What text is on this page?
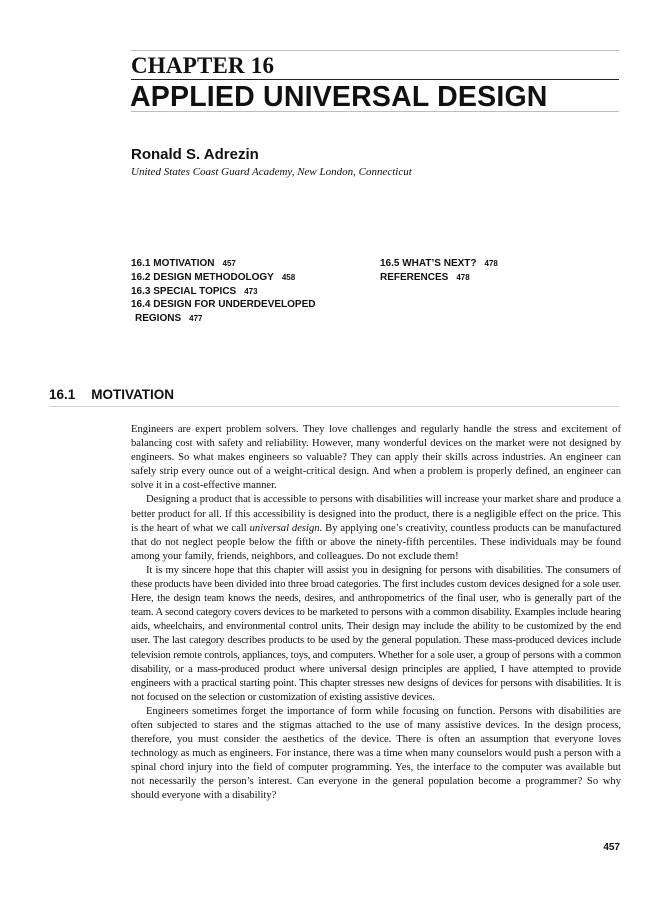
CHAPTER 16
APPLIED UNIVERSAL DESIGN
Ronald S. Adrezin
United States Coast Guard Academy, New London, Connecticut
16.1 MOTIVATION 457
16.2 DESIGN METHODOLOGY 458
16.3 SPECIAL TOPICS 473
16.4 DESIGN FOR UNDERDEVELOPED
REGIONS 477
16.5 WHAT’S NEXT? 478
REFERENCES 478
16.1 MOTIVATION

Engineers are expert problem solvers. They love challenges and regularly handle the stress and excitement of balancing cost with safety and reliability. However, many wonderful devices on the market were not designed by engineers. So what makes engineers so valuable? They can apply their skills across industries. An engineer can safely strip every ounce out of a weight-critical design. And when a problem is properly defined, an engineer can solve it in a cost-effective manner.

Designing a product that is accessible to persons with disabilities will increase your market share and produce a better product for all. If this accessibility is designed into the product, there is a negligible effect on the price. This is the heart of what we call universal design. By applying one’s creativity, countless products can be manufactured that do not neglect people below the fifth or above the ninety-fifth percentiles. These individuals may be found among your family, friends, neighbors, and colleagues. Do not exclude them!

It is my sincere hope that this chapter will assist you in designing for persons with disabilities. The consumers of these products have been divided into three broad categories. The first includes custom devices designed for a sole user. Here, the design team knows the needs, desires, and anthropometrics of the final user, who is generally part of the team. A second category covers devices to be marketed to persons with a common disability. Examples include hearing aids, wheelchairs, and environmental control units. Their design may include the ability to be customized by the end user. The last category describes products to be used by the general population. These mass-produced devices include television remote controls, appliances, toys, and computers. Whether for a sole user, a group of persons with a common disability, or a mass-produced product where universal design principles are applied, I have attempted to provide engineers with a practical starting point. This chapter stresses new designs of devices for persons with disabilities. It is not focused on the selection or customization of existing assistive devices.

Engineers sometimes forget the importance of form while focusing on function. Persons with disabilities are often subjected to stares and the stigmas attached to the use of many assistive devices. In the design process, therefore, you must consider the aesthetics of the device. There is often an assumption that everyone loves technology as much as engineers. For instance, there was a time when many counselors would push a person with a spinal chord injury into the field of computer programming. Yes, the interface to the computer was available but not necessarily the person’s interest. Can everyone in the general population become a programmer? So why should everyone with a disability?

457
